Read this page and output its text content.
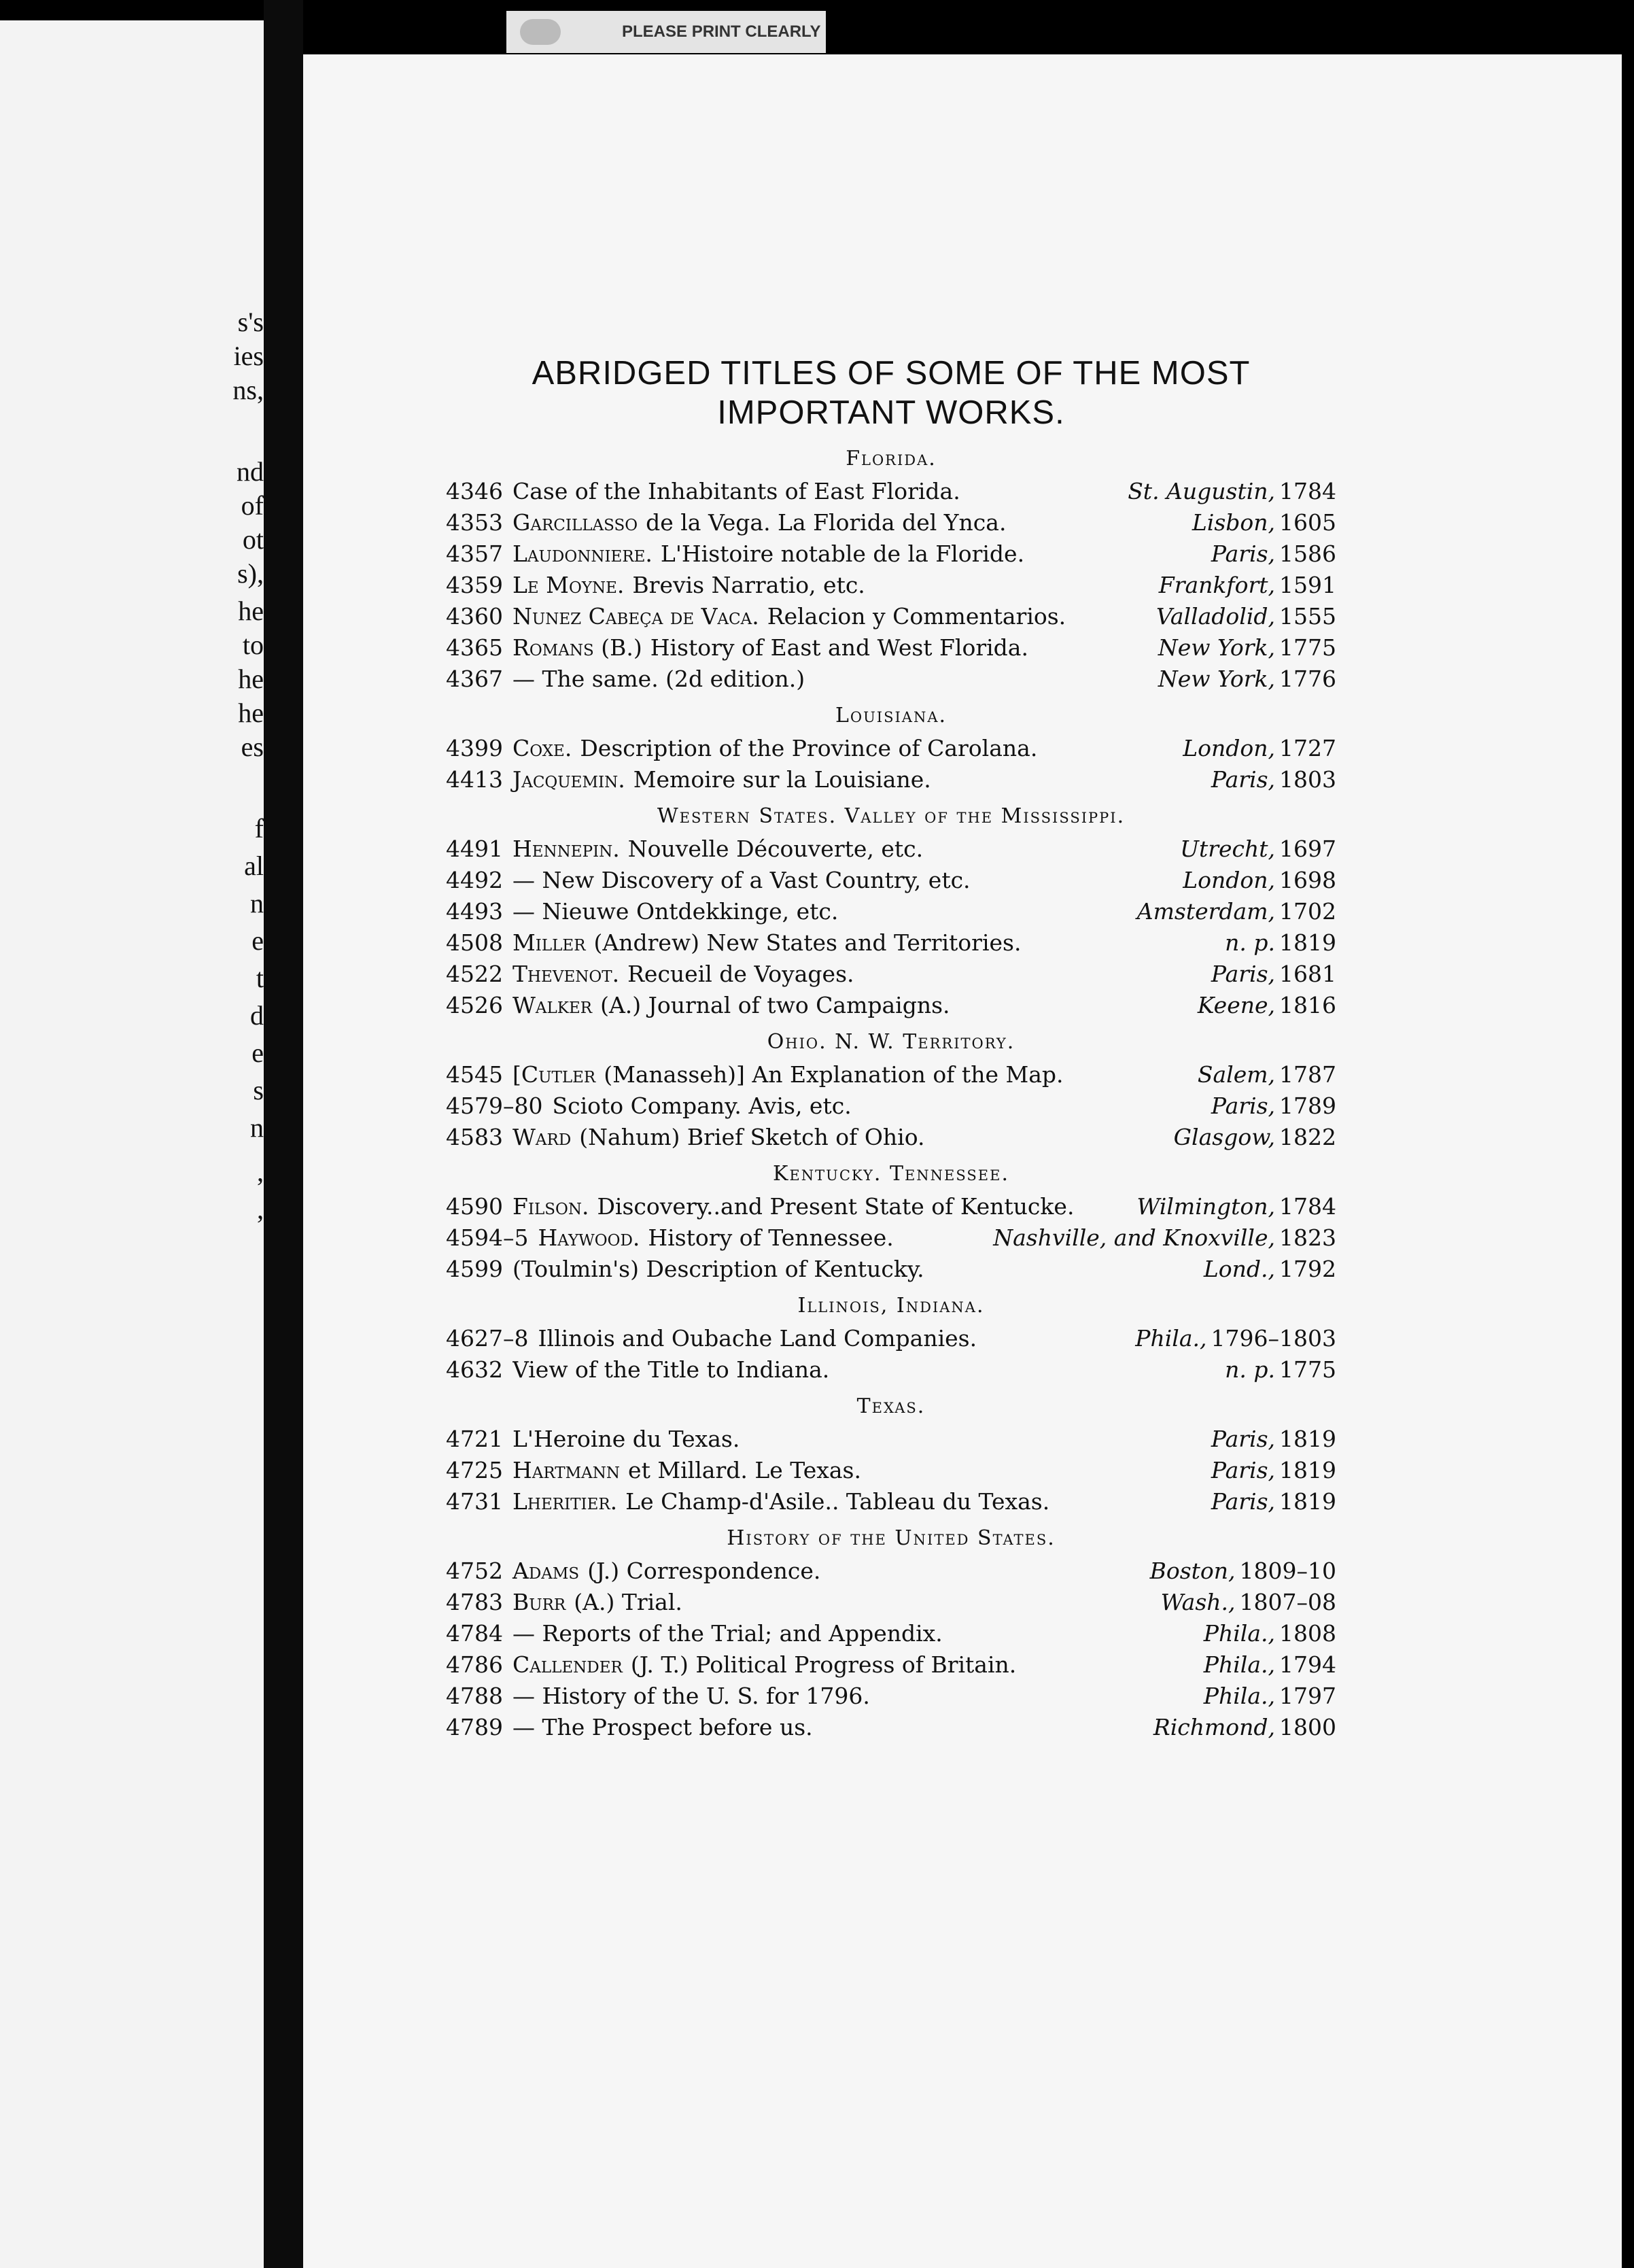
s's
ies
ns,
nd
of
ot
s),
he
to
he
he
es
f
al
n
e
t
d
e
s
n
,
,
PLEASE PRINT CLEARLY
ABRIDGED TITLES OF SOME OF THE MOST
IMPORTANT WORKS.
Florida.
4346 Case of the Inhabitants of East Florida.	St. Augustin, 1784
4353 Garcillasso de la Vega. La Florida del Ynca.	Lisbon, 1605
4357 Laudonniere. L'Histoire notable de la Floride.	Paris, 1586
4359 Le Moyne. Brevis Narratio, etc.	Frankfort, 1591
4360 Nunez Cabeça de Vaca. Relacion y Commentarios.	Valladolid, 1555
4365 Romans (B.) History of East and West Florida.	New York, 1775
4367 — The same. (2d edition.)	New York, 1776
Louisiana.
4399 Coxe. Description of the Province of Carolana.	London, 1727
4413 Jacquemin. Memoire sur la Louisiane.	Paris, 1803
Western States. Valley of the Mississippi.
4491 Hennepin. Nouvelle Découverte, etc.	Utrecht, 1697
4492 — New Discovery of a Vast Country, etc.	London, 1698
4493 — Nieuwe Ontdekkinge, etc.	Amsterdam, 1702
4508 Miller (Andrew) New States and Territories.	n. p. 1819
4522 Thevenot. Recueil de Voyages.	Paris, 1681
4526 Walker (A.) Journal of two Campaigns.	Keene, 1816
Ohio. N. W. Territory.
4545 [Cutler (Manasseh)] An Explanation of the Map.	Salem, 1787
4579–80 Scioto Company. Avis, etc.	Paris, 1789
4583 Ward (Nahum) Brief Sketch of Ohio.	Glasgow, 1822
Kentucky. Tennessee.
4590 Filson. Discovery..and Present State of Kentucke.	Wilmington, 1784
4594–5 Haywood. History of Tennessee.	Nashville, and Knoxville, 1823
4599 (Toulmin's) Description of Kentucky.	Lond., 1792
Illinois, Indiana.
4627–8 Illinois and Oubache Land Companies.	Phila., 1796–1803
4632 View of the Title to Indiana.	n. p. 1775
Texas.
4721 L'Heroine du Texas.	Paris, 1819
4725 Hartmann et Millard. Le Texas.	Paris, 1819
4731 Lheritier. Le Champ-d'Asile.. Tableau du Texas.	Paris, 1819
History of the United States.
4752 Adams (J.) Correspondence.	Boston, 1809–10
4783 Burr (A.) Trial.	Wash., 1807–08
4784 — Reports of the Trial; and Appendix.	Phila., 1808
4786 Callender (J. T.) Political Progress of Britain.	Phila., 1794
4788 — History of the U. S. for 1796.	Phila., 1797
4789 — The Prospect before us.	Richmond, 1800
